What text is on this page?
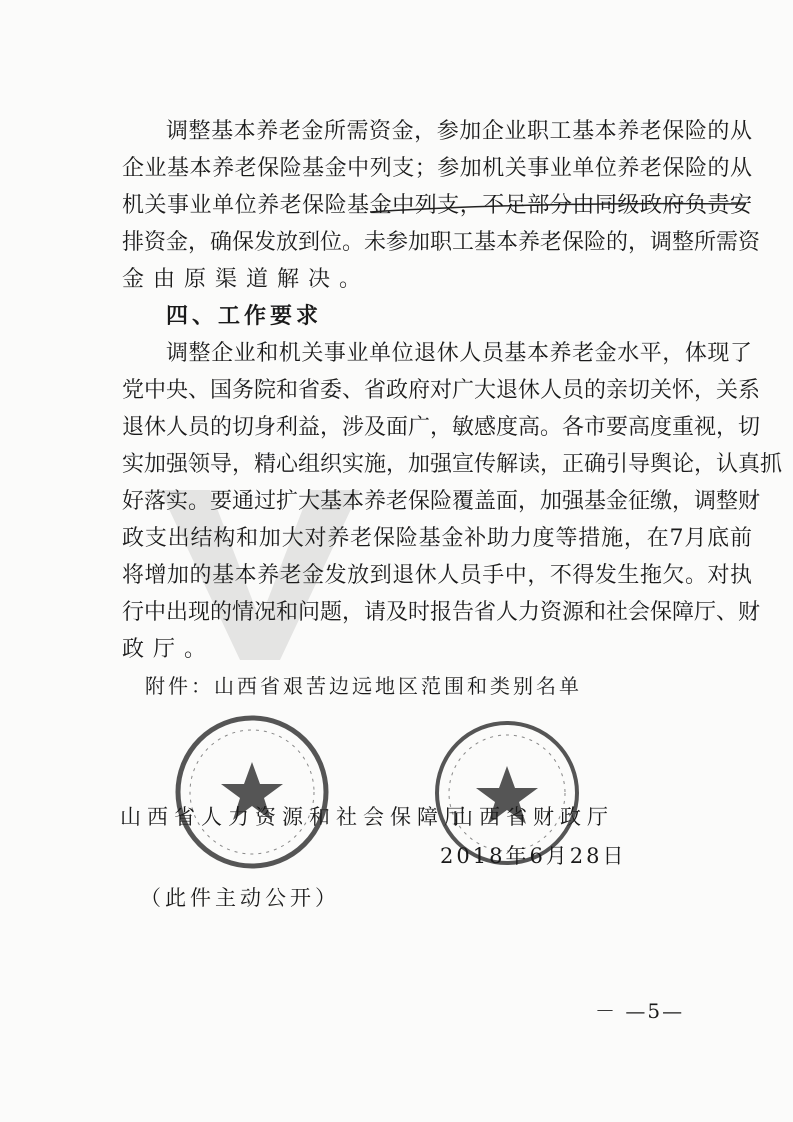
调整基本养老金所需资金，参加企业职工基本养老保险的从
企业基本养老保险基金中列支；参加机关事业单位养老保险的从
机关事业单位养老保险基金中列支，不足部分由同级政府负责安
排资金，确保发放到位。未参加职工基本养老保险的，调整所需资
金由原渠道解决。
四、工作要求
调整企业和机关事业单位退休人员基本养老金水平，体现了
党中央、国务院和省委、省政府对广大退休人员的亲切关怀，关系
退休人员的切身利益，涉及面广，敏感度高。各市要高度重视，切
实加强领导，精心组织实施，加强宣传解读，正确引导舆论，认真抓
好落实。要通过扩大基本养老保险覆盖面，加强基金征缴，调整财
政支出结构和加大对养老保险基金补助力度等措施，在7月底前
将增加的基本养老金发放到退休人员手中，不得发生拖欠。对执
行中出现的情况和问题，请及时报告省人力资源和社会保障厅、财
政厅。
附件：山西省艰苦边远地区范围和类别名单
山西省人力资源和社会保障厅
山西省财政厅
2018年6月28日
（此件主动公开）
－ —5—
